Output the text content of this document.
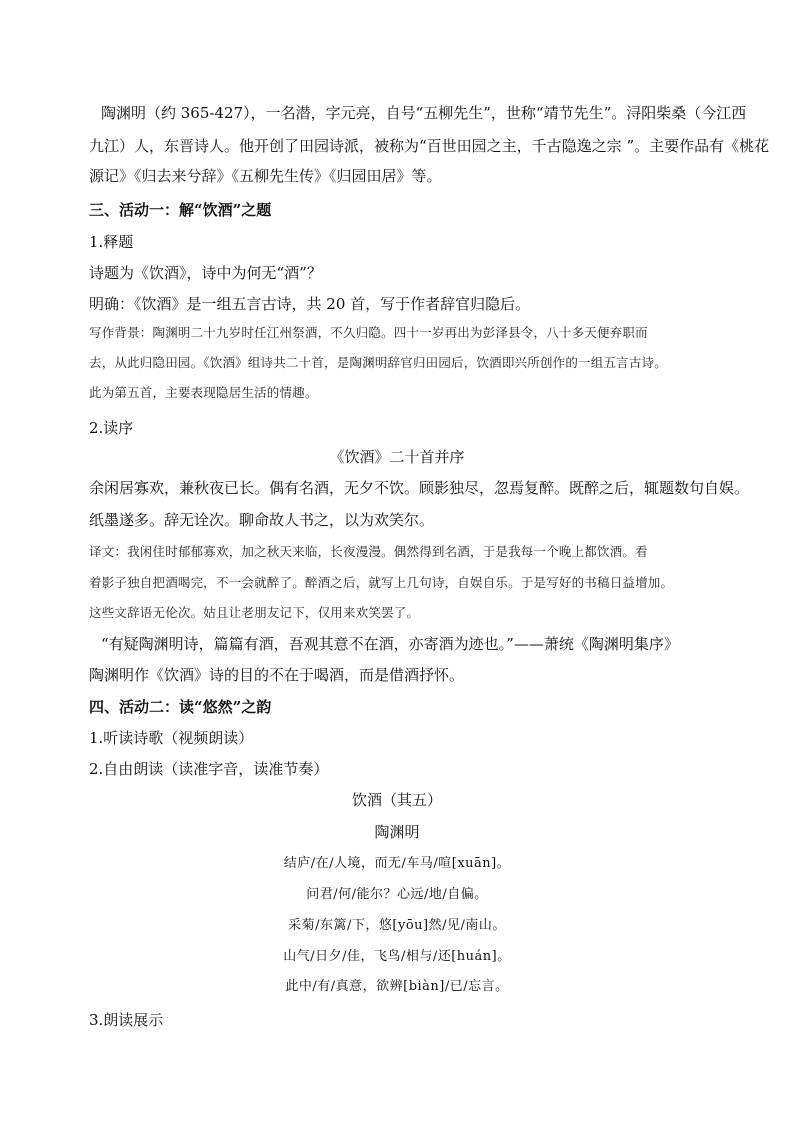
陶渊明（约 365-427），一名潜，字元亮，自号“五柳先生”，世称“靖节先生”。浔阳柴桑（今江西
九江）人，东晋诗人。他开创了田园诗派，被称为“百世田园之主，千古隐逸之宗 ”。主要作品有《桃花
源记》《归去来兮辞》《五柳先生传》《归园田居》等。
三、活动一：解“饮酒”之题
1.释题
诗题为《饮酒》，诗中为何无“酒”？
明确：《饮酒》是一组五言古诗，共 20 首，写于作者辞官归隐后。
写作背景：陶渊明二十九岁时任江州祭酒，不久归隐。四十一岁再出为彭泽县令，八十多天便弃职而
去，从此归隐田园。《饮酒》组诗共二十首，是陶渊明辞官归田园后，饮酒即兴所创作的一组五言古诗。
此为第五首，主要表现隐居生活的情趣。
2.读序
《饮酒》二十首并序
余闲居寡欢，兼秋夜已长。偶有名酒，无夕不饮。顾影独尽，忽焉复醉。既醉之后，辄题数句自娱。
纸墨遂多。辞无诠次。聊命故人书之，以为欢笑尔。
译文：我闲住时郁郁寡欢，加之秋天来临，长夜漫漫。偶然得到名酒，于是我每一个晚上都饮酒。看
着影子独自把酒喝完，不一会就醉了。醉酒之后，就写上几句诗，自娱自乐。于是写好的书稿日益增加。
这些文辞语无伦次。姑且让老朋友记下，仅用来欢笑罢了。
“有疑陶渊明诗，篇篇有酒，吾观其意不在酒，亦寄酒为迹也。”——萧统《陶渊明集序》
陶渊明作《饮酒》诗的目的不在于喝酒，而是借酒抒怀。
四、活动二：读“悠然”之韵
1.听读诗歌（视频朗读）
2.自由朗读（读准字音，读准节奏）
饮酒（其五）
陶渊明
结庐/在/人境，而无/车马/喧[xuān]。
问君/何/能尔？心远/地/自偏。
采菊/东篱/下，悠[yōu]然/见/南山。
山气/日夕/佳，飞鸟/相与/还[huán]。
此中/有/真意，欲辨[biàn]/已/忘言。
3.朗读展示
